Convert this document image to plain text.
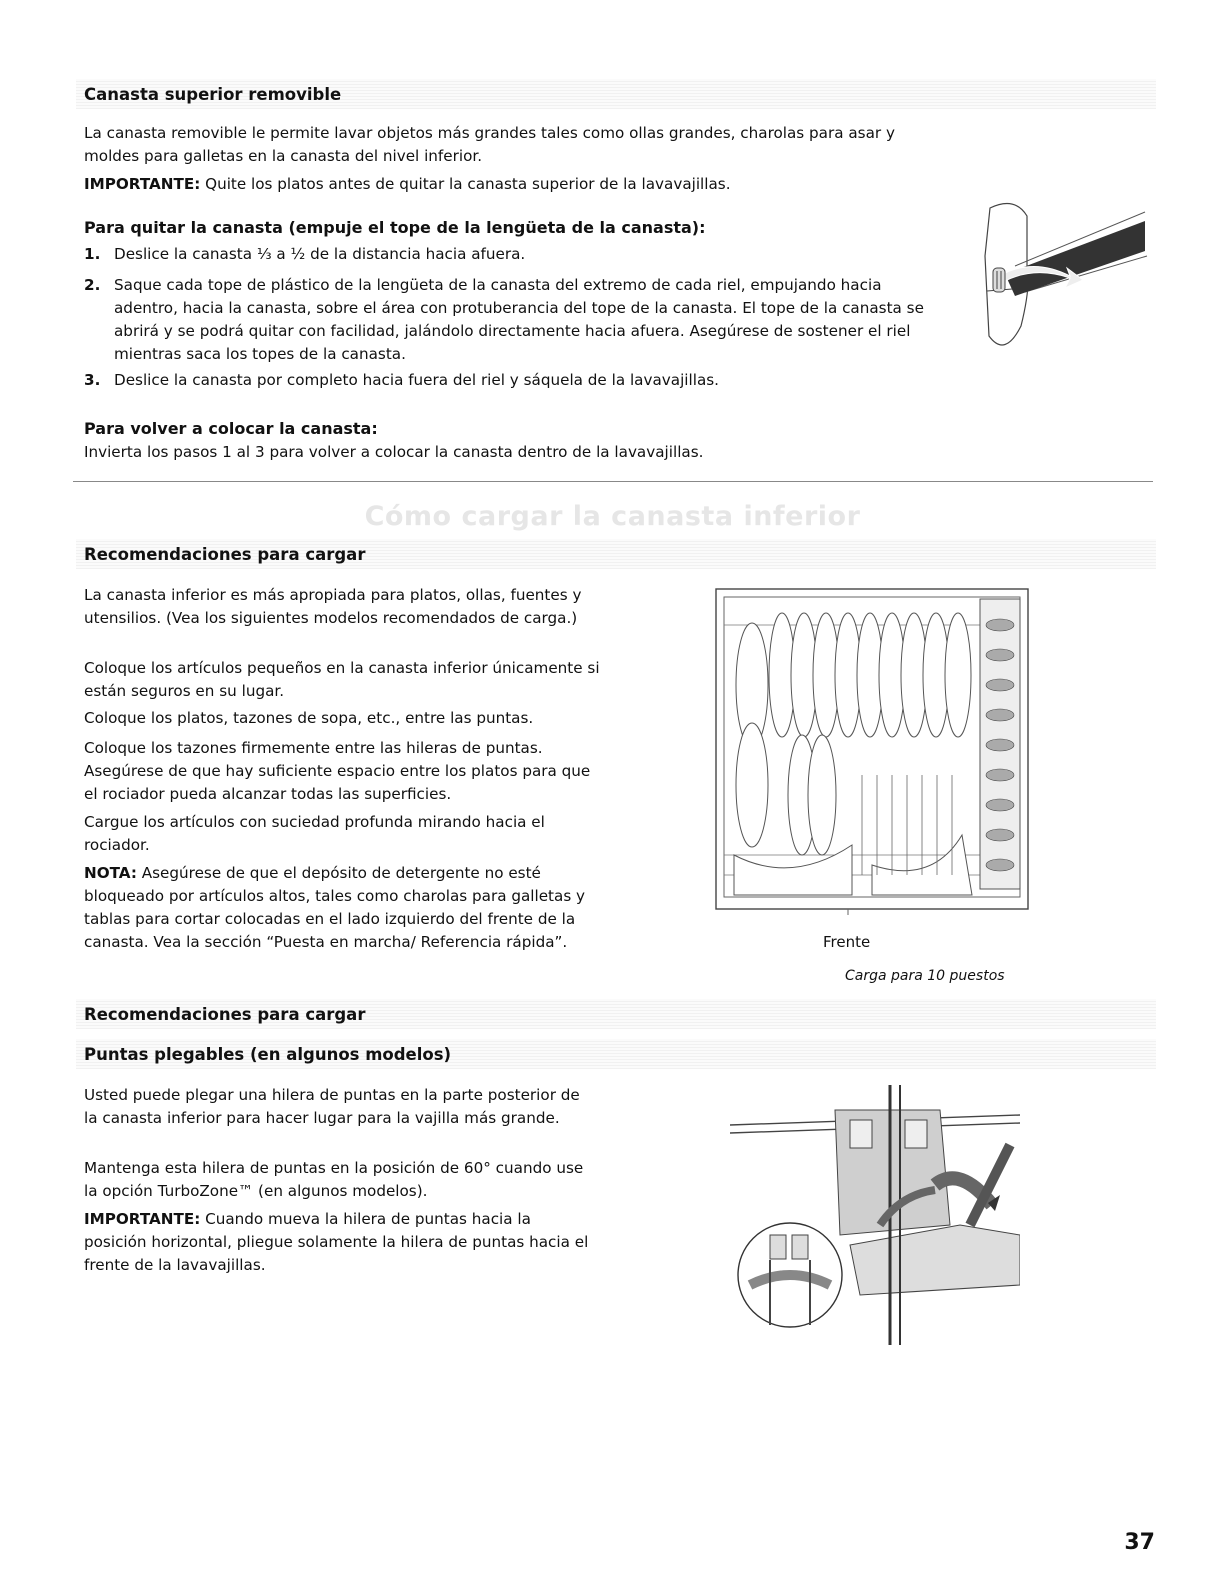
Canasta superior removible

La canasta removible le permite lavar objetos más grandes tales como ollas grandes, charolas para asar y moldes para galletas en la canasta del nivel inferior.

IMPORTANTE: Quite los platos antes de quitar la canasta superior de la lavavajillas.

Para quitar la canasta (empuje el tope de la lengüeta de la canasta):

1. Deslice la canasta ⅓ a ½ de la distancia hacia afuera.
2. Saque cada tope de plástico de la lengüeta de la canasta del extremo de cada riel, empujando hacia adentro, hacia la canasta, sobre el área con protuberancia del tope de la canasta. El tope de la canasta se abrirá y se podrá quitar con facilidad, jalándolo directamente hacia afuera. Asegúrese de sostener el riel mientras saca los topes de la canasta.
3. Deslice la canasta por completo hacia fuera del riel y sáquela de la lavavajillas.

Para volver a colocar la canasta:

Invierta los pasos 1 al 3 para volver a colocar la canasta dentro de la lavavajillas.

Cómo cargar la canasta inferior
Recomendaciones para cargar

La canasta inferior es más apropiada para platos, ollas, fuentes y utensilios. (Vea los siguientes modelos recomendados de carga.)

Coloque los artículos pequeños en la canasta inferior únicamente si están seguros en su lugar.

Coloque los platos, tazones de sopa, etc., entre las puntas.

Coloque los tazones firmemente entre las hileras de puntas. Asegúrese de que hay suficiente espacio entre los platos para que el rociador pueda alcanzar todas las superficies.

Cargue los artículos con suciedad profunda mirando hacia el rociador.

NOTA: Asegúrese de que el depósito de detergente no esté bloqueado por artículos altos, tales como charolas para galletas y tablas para cortar colocadas en el lado izquierdo del frente de la canasta. Vea la sección “Puesta en marcha/ Referencia rápida”.	Frente
Carga para 10 puestos
Recomendaciones para cargar
Puntas plegables (en algunos modelos)

Usted puede plegar una hilera de puntas en la parte posterior de la canasta inferior para hacer lugar para la vajilla más grande.

Mantenga esta hilera de puntas en la posición de 60° cuando use la opción TurboZone™ (en algunos modelos).

IMPORTANTE: Cuando mueva la hilera de puntas hacia la posición horizontal, pliegue solamente la hilera de puntas hacia el frente de la lavavajillas.

37
